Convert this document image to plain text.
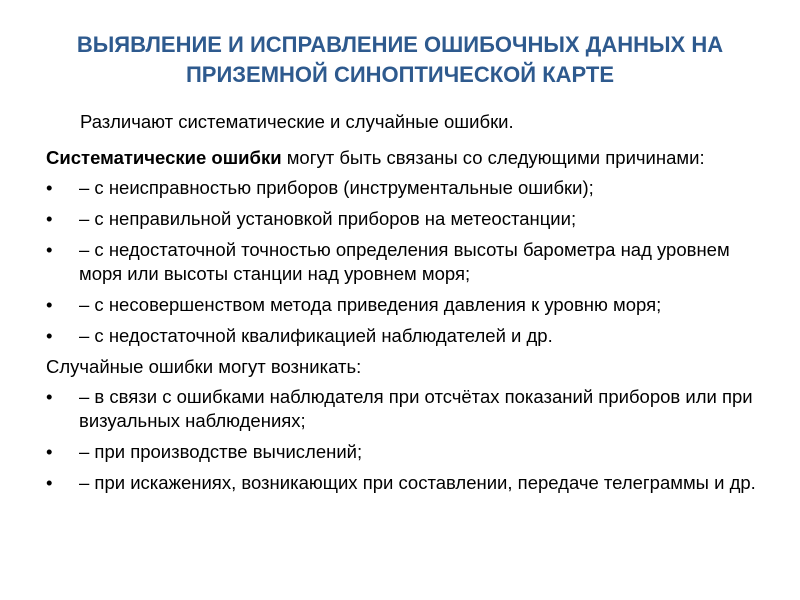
ВЫЯВЛЕНИЕ И ИСПРАВЛЕНИЕ ОШИБОЧНЫХ ДАННЫХ НА
ПРИЗЕМНОЙ СИНОПТИЧЕСКОЙ КАРТЕ
Различают систематические и случайные ошибки.
Систематические ошибки могут быть связаны со следующими причинами:
• – с неисправностью приборов (инструментальные ошибки);
• – с неправильной установкой приборов на метеостанции;
• – с недостаточной точностью определения высоты барометра над уровнем моря или высоты станции над уровнем моря;
• – с несовершенством метода приведения давления к уровню моря;
• – с недостаточной квалификацией наблюдателей и др.
Случайные ошибки могут возникать:
• – в связи с ошибками наблюдателя при отсчётах показаний приборов или при визуальных наблюдениях;
• – при производстве вычислений;
• – при искажениях, возникающих при составлении, передаче телеграммы и др.
